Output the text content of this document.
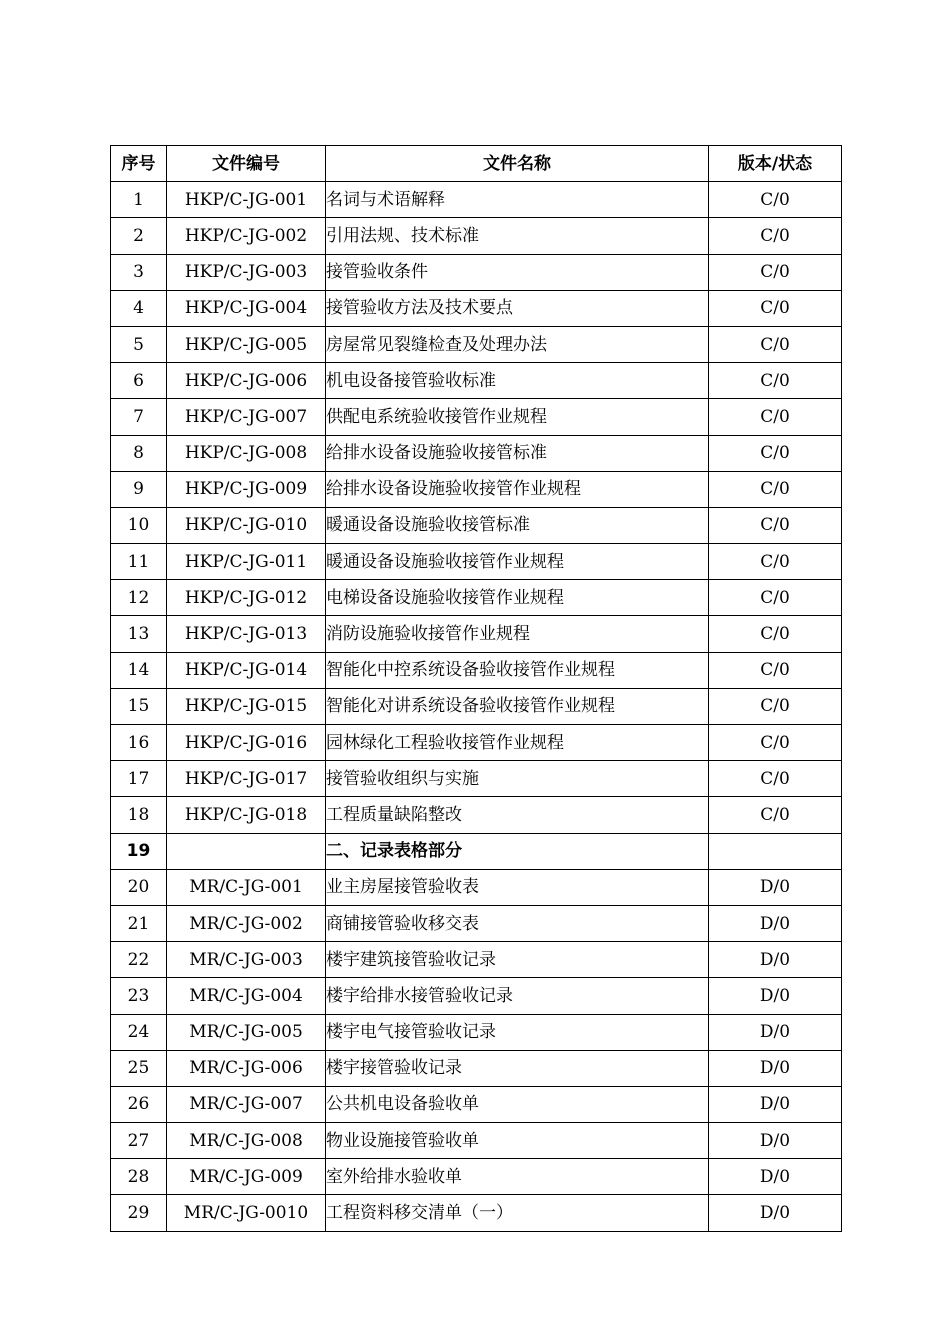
序号	文件编号	文件名称	版本/状态
1	HKP/C-JG-001	名词与术语解释	C/0
2	HKP/C-JG-002	引用法规、技术标准	C/0
3	HKP/C-JG-003	接管验收条件	C/0
4	HKP/C-JG-004	接管验收方法及技术要点	C/0
5	HKP/C-JG-005	房屋常见裂缝检查及处理办法	C/0
6	HKP/C-JG-006	机电设备接管验收标准	C/0
7	HKP/C-JG-007	供配电系统验收接管作业规程	C/0
8	HKP/C-JG-008	给排水设备设施验收接管标准	C/0
9	HKP/C-JG-009	给排水设备设施验收接管作业规程	C/0
10	HKP/C-JG-010	暖通设备设施验收接管标准	C/0
11	HKP/C-JG-011	暖通设备设施验收接管作业规程	C/0
12	HKP/C-JG-012	电梯设备设施验收接管作业规程	C/0
13	HKP/C-JG-013	消防设施验收接管作业规程	C/0
14	HKP/C-JG-014	智能化中控系统设备验收接管作业规程	C/0
15	HKP/C-JG-015	智能化对讲系统设备验收接管作业规程	C/0
16	HKP/C-JG-016	园林绿化工程验收接管作业规程	C/0
17	HKP/C-JG-017	接管验收组织与实施	C/0
18	HKP/C-JG-018	工程质量缺陷整改	C/0
19		二、记录表格部分	
20	MR/C-JG-001	业主房屋接管验收表	D/0
21	MR/C-JG-002	商铺接管验收移交表	D/0
22	MR/C-JG-003	楼宇建筑接管验收记录	D/0
23	MR/C-JG-004	楼宇给排水接管验收记录	D/0
24	MR/C-JG-005	楼宇电气接管验收记录	D/0
25	MR/C-JG-006	楼宇接管验收记录	D/0
26	MR/C-JG-007	公共机电设备验收单	D/0
27	MR/C-JG-008	物业设施接管验收单	D/0
28	MR/C-JG-009	室外给排水验收单	D/0
29	MR/C-JG-0010	工程资料移交清单（一）	D/0
